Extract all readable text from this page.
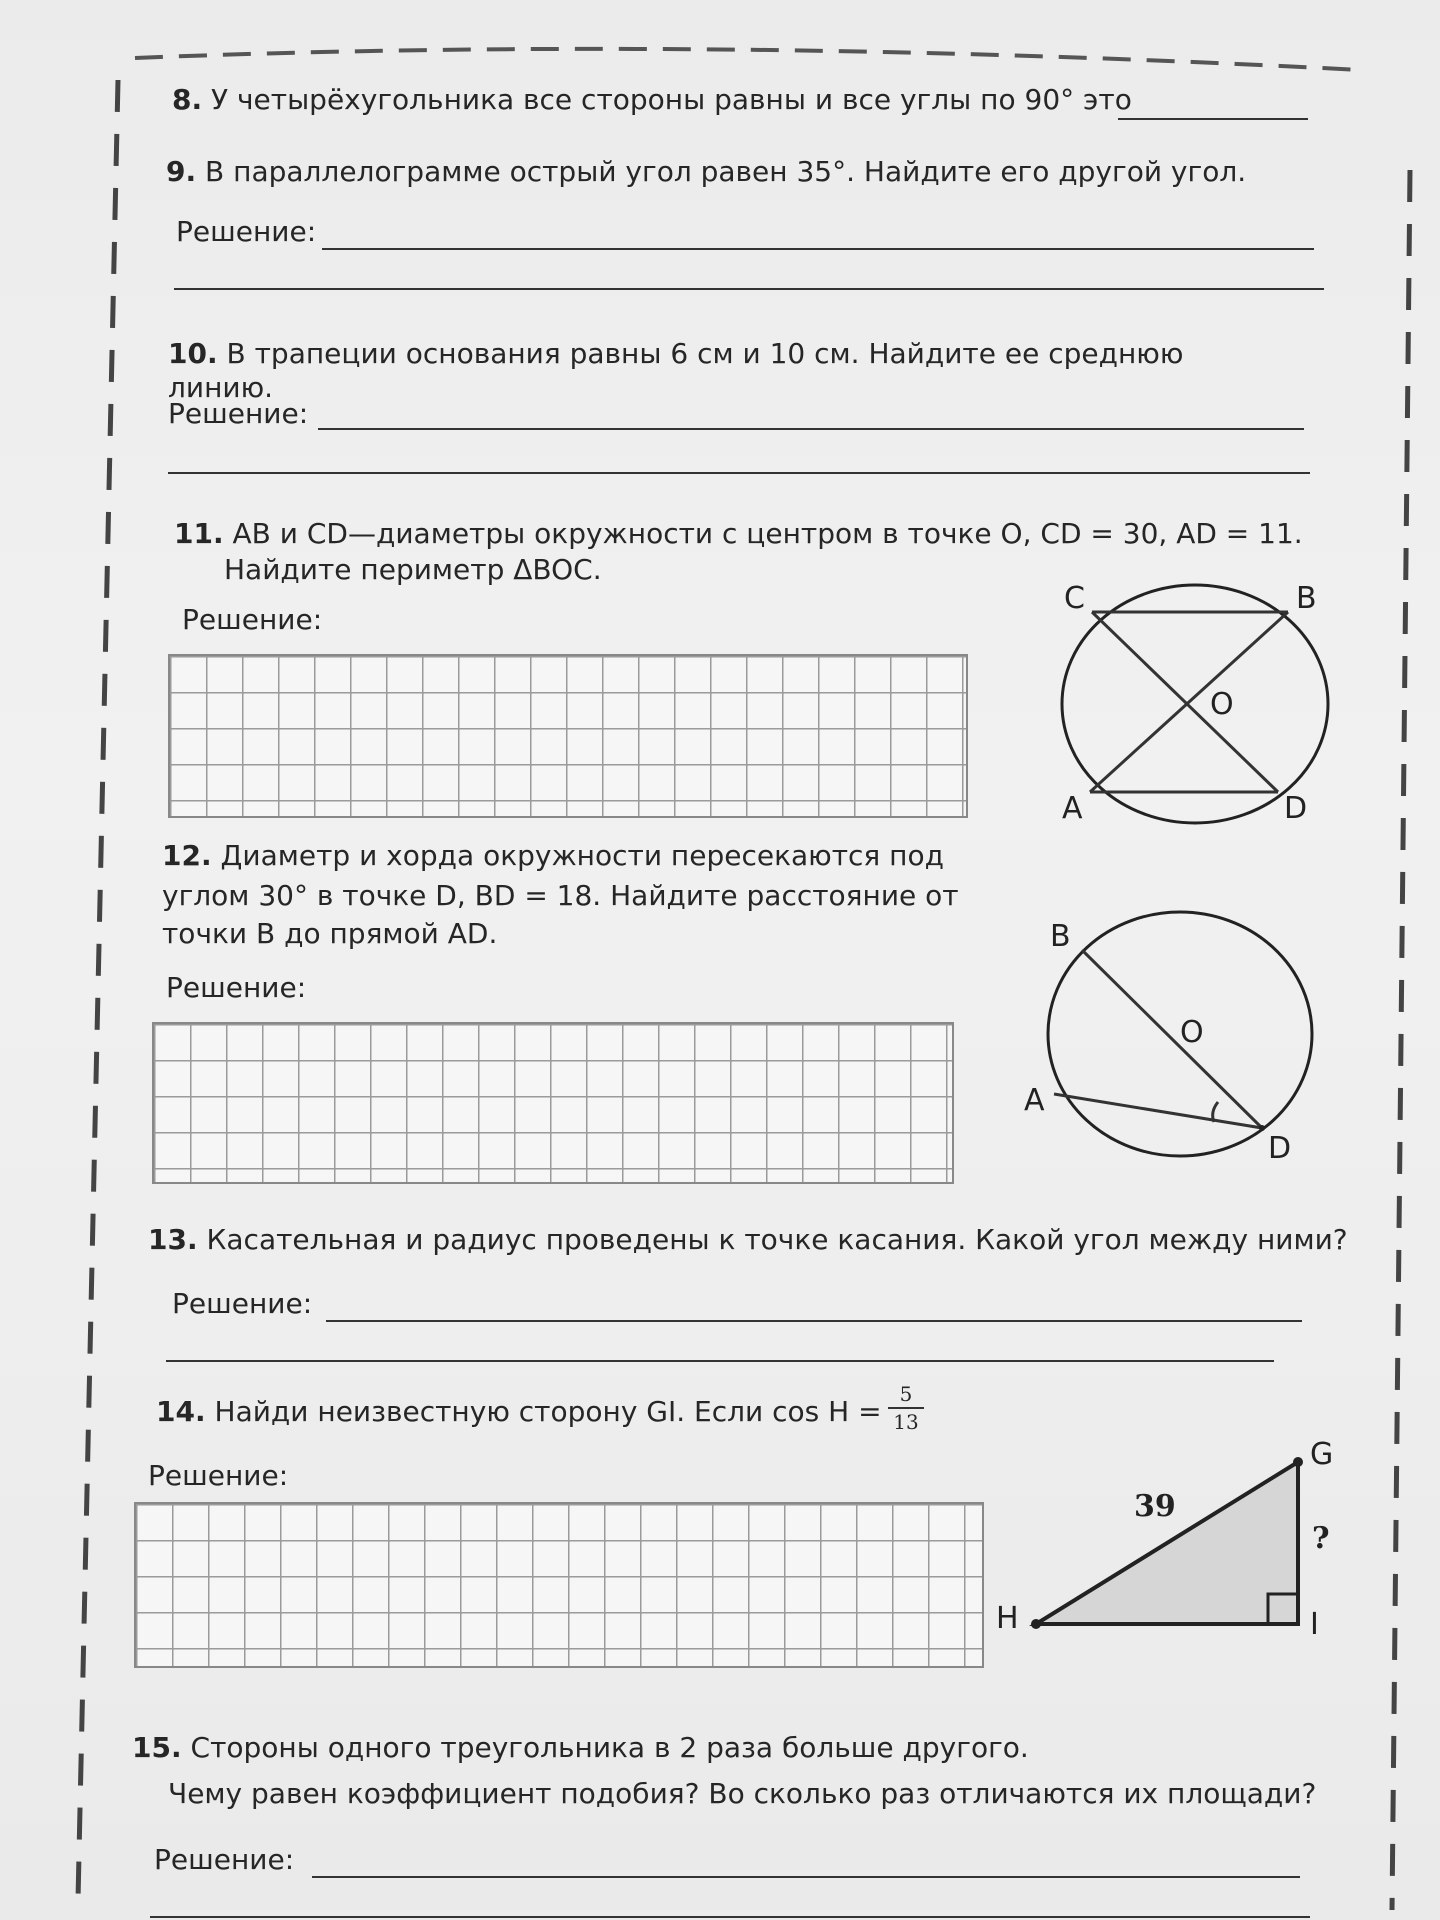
8. У четырёхугольника все стороны равны и все углы по 90° это
9. В параллелограмме острый угол равен 35°. Найдите его другой угол.
Решение:
10. В трапеции основания равны 6 см и 10 см. Найдите ее среднюю
линию.
Решение:
11. AB и CD—диаметры окружности с центром в точке O, CD = 30, AD = 11.
Найдите периметр ΔBOC.
Решение:
C	B
O
A	D
12. Диаметр и хорда окружности пересекаются под
углом 30° в точке D, BD = 18. Найдите расстояние от
точки B до прямой AD.
Решение:
B
O
A
D
13. Касательная и радиус проведены к точке касания. Какой угол между ними?
Решение:
14. Найди неизвестную сторону GI. Если cos H =
5
13
Решение:
G
H	I
39
?
15. Стороны одного треугольника в 2 раза больше другого.
Чему равен коэффициент подобия? Во сколько раз отличаются их площади?
Решение:
